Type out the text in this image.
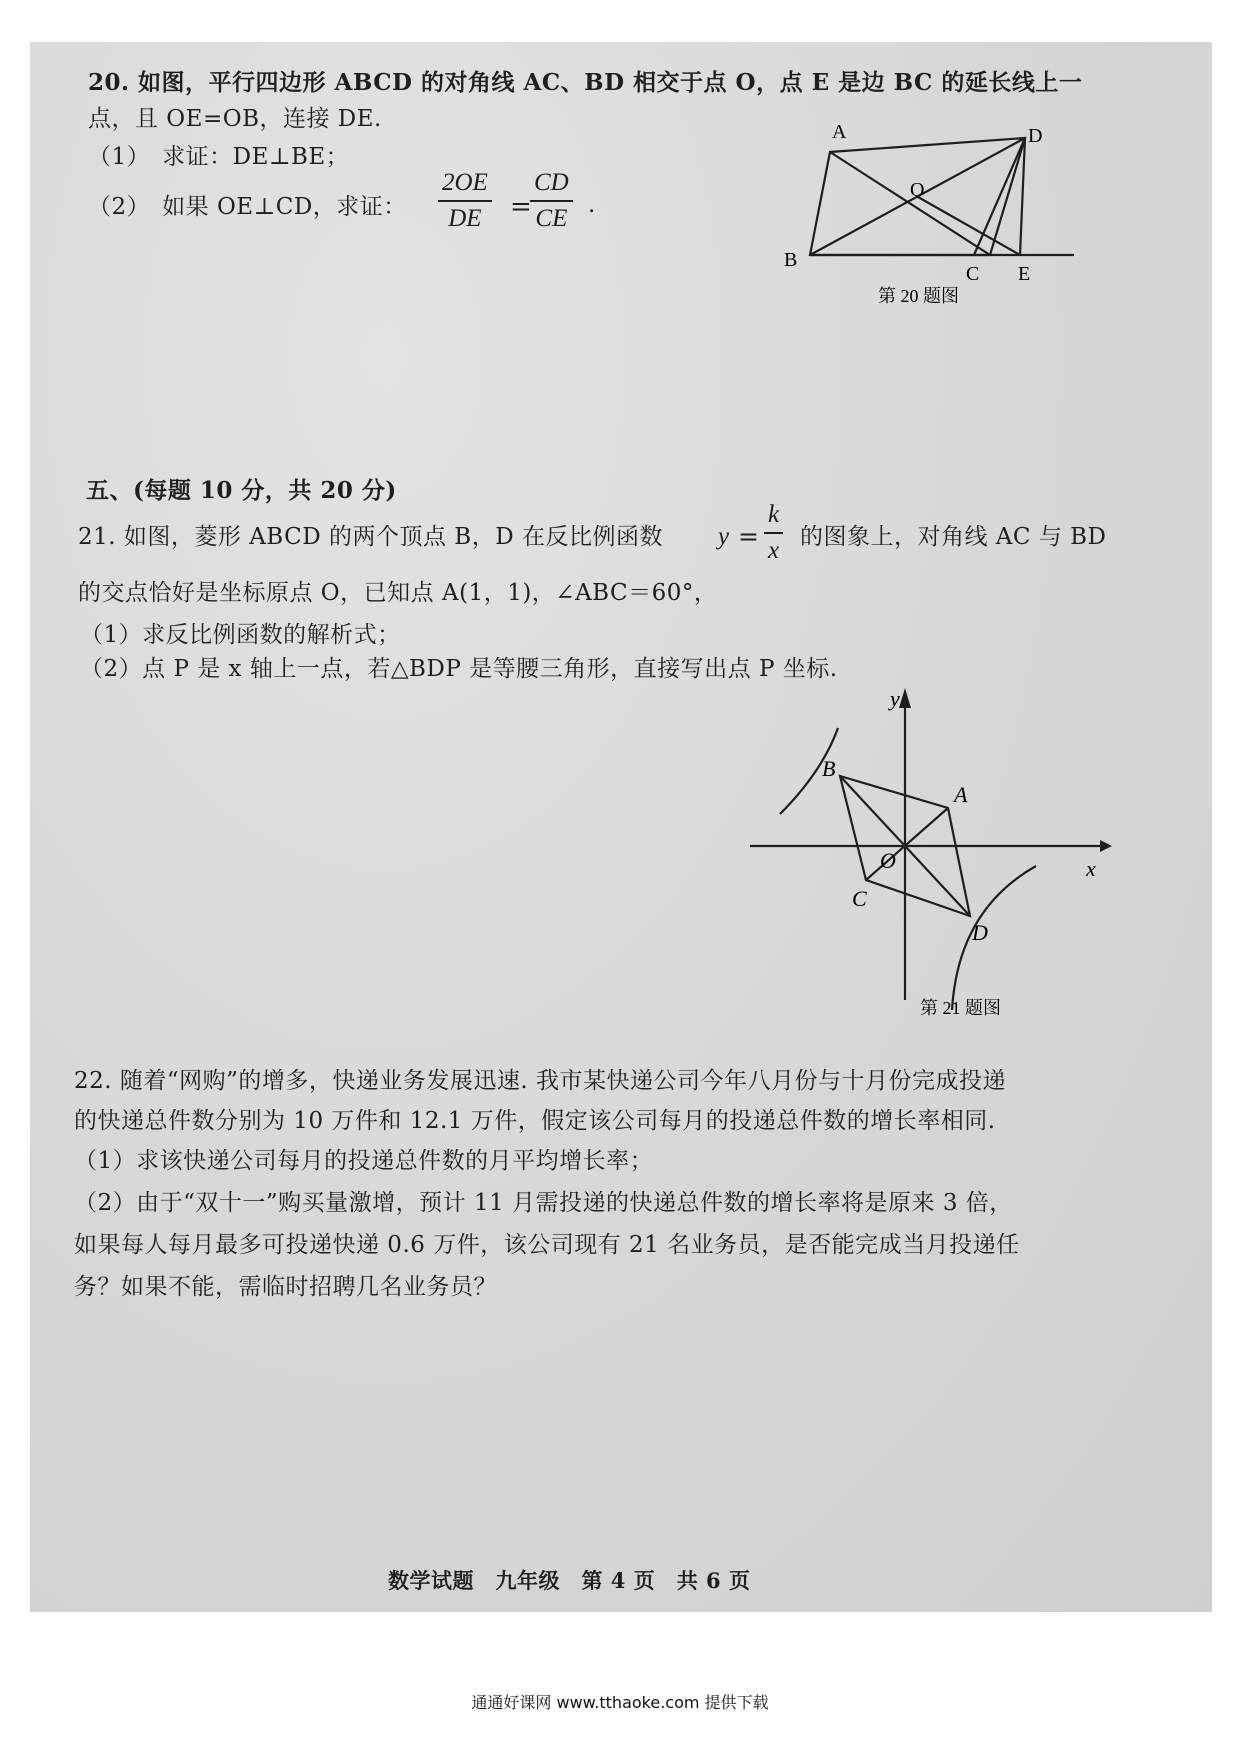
20. 如图，平行四边形 ABCD 的对角线 AC、BD 相交于点 O，点 E 是边 BC 的延长线上一
点，且 OE=OB，连接 DE.
（1）　求证：DE⊥BE；
（2）　如果 OE⊥CD，求证： $\frac{2OE}{DE}$ =
$\frac{CD}{CE}$ .
A	D
O
B
C E
第 20 题图
五、(每题 10 分，共 20 分)
21. 如图，菱形 ABCD 的两个顶点 B，D 在反比例函数 $y = \frac{k}{x}$ 的图象上，对角线 AC 与 BD
的交点恰好是坐标原点 O，已知点 A(1，1)，∠ABC＝60°，
（1）求反比例函数的解析式；
（2）点 P 是 x 轴上一点，若△BDP 是等腰三角形，直接写出点 P 坐标.
y
x
B
A
O
C
D
第 21 题图
22. 随着“网购”的增多，快递业务发展迅速. 我市某快递公司今年八月份与十月份完成投递
的快递总件数分别为 10 万件和 12.1 万件，假定该公司每月的投递总件数的增长率相同.
（1）求该快递公司每月的投递总件数的月平均增长率；
（2）由于“双十一”购买量激增，预计 11 月需投递的快递总件数的增长率将是原来 3 倍，
如果每人每月最多可投递快递 0.6 万件，该公司现有 21 名业务员，是否能完成当月投递任
务？如果不能，需临时招聘几名业务员？
数学试题　九年级　第 4 页　共 6 页
通通好课网 www.tthaoke.com 提供下载
